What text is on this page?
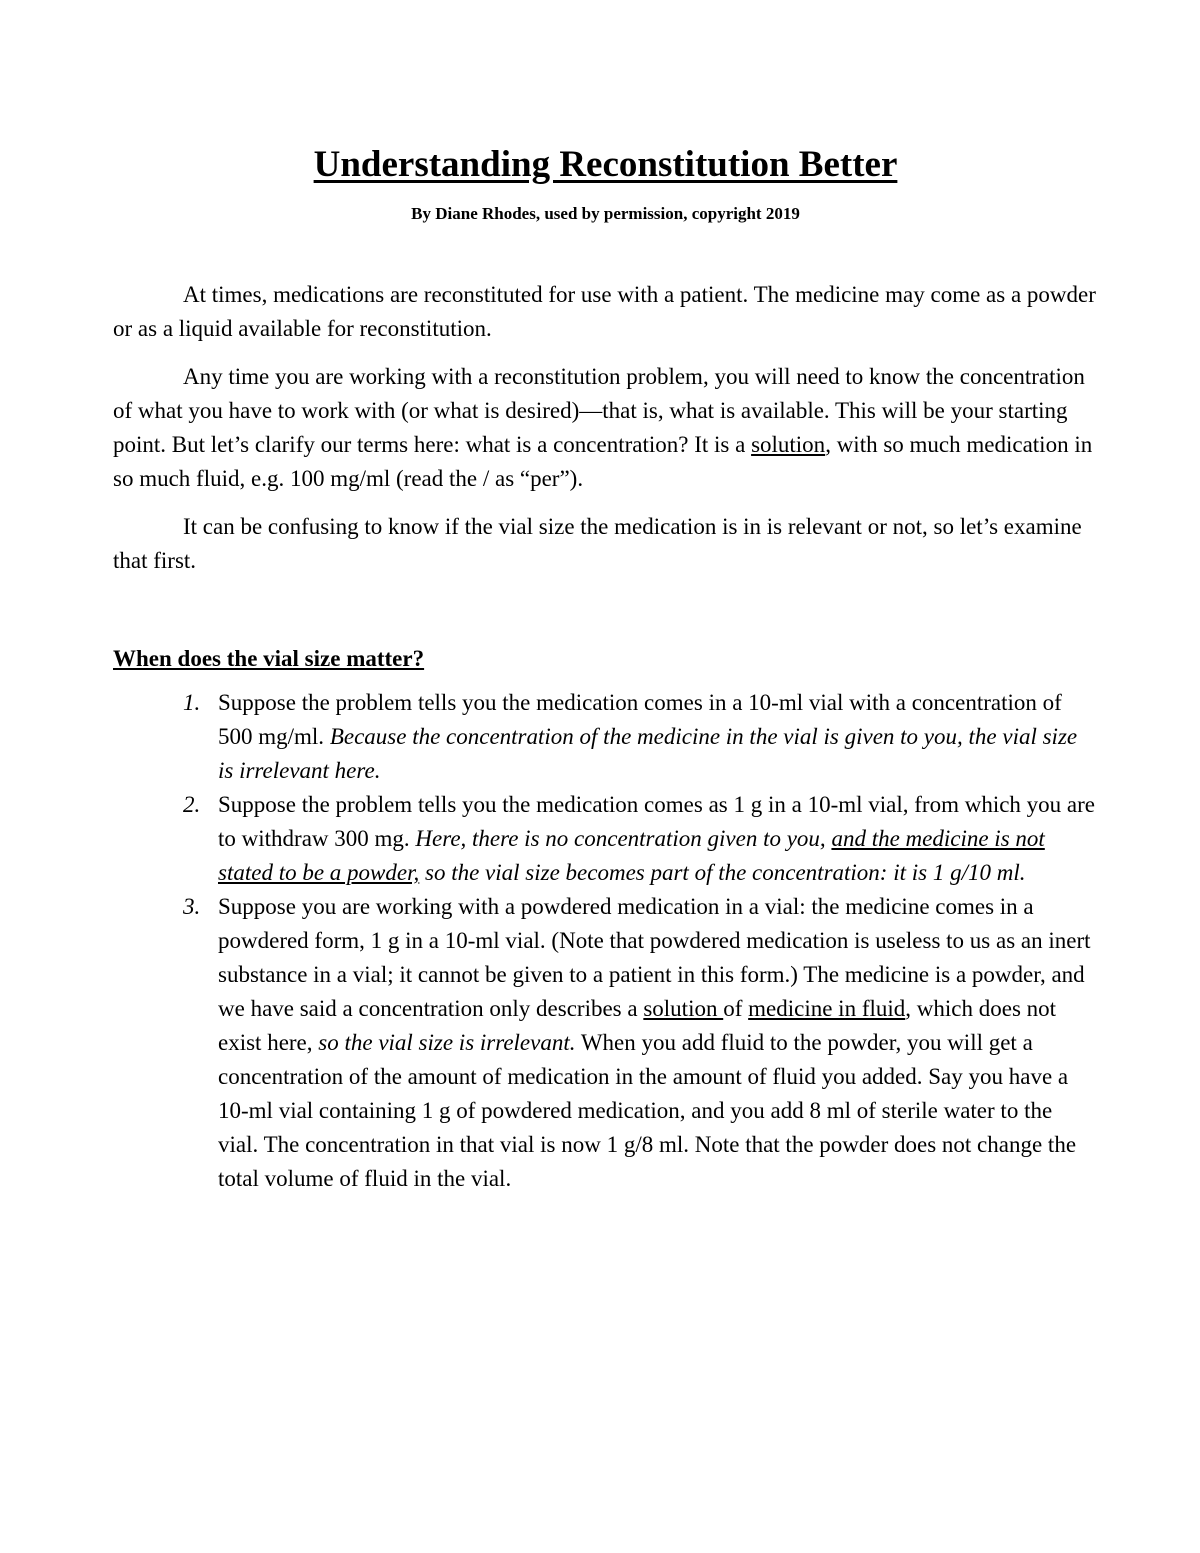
Understanding Reconstitution Better

By Diane Rhodes, used by permission, copyright 2019

At times, medications are reconstituted for use with a patient. The medicine may come as a powder or as a liquid available for reconstitution.

Any time you are working with a reconstitution problem, you will need to know the concentration of what you have to work with (or what is desired)—that is, what is available. This will be your starting point. But let’s clarify our terms here: what is a concentration? It is a solution, with so much medication in so much fluid, e.g. 100 mg/ml (read the / as “per”).

It can be confusing to know if the vial size the medication is in is relevant or not, so let’s examine that first.

When does the vial size matter?
1. Suppose the problem tells you the medication comes in a 10-ml vial with a concentration of 500 mg/ml. Because the concentration of the medicine in the vial is given to you, the vial size is irrelevant here.
2. Suppose the problem tells you the medication comes as 1 g in a 10-ml vial, from which you are to withdraw 300 mg. Here, there is no concentration given to you, and the medicine is not stated to be a powder, so the vial size becomes part of the concentration: it is 1 g/10 ml.
3. Suppose you are working with a powdered medication in a vial: the medicine comes in a powdered form, 1 g in a 10-ml vial. (Note that powdered medication is useless to us as an inert substance in a vial; it cannot be given to a patient in this form.) The medicine is a powder, and we have said a concentration only describes a solution of medicine in fluid, which does not exist here, so the vial size is irrelevant. When you add fluid to the powder, you will get a concentration of the amount of medication in the amount of fluid you added. Say you have a 10-ml vial containing 1 g of powdered medication, and you add 8 ml of sterile water to the vial. The concentration in that vial is now 1 g/8 ml. Note that the powder does not change the total volume of fluid in the vial.
